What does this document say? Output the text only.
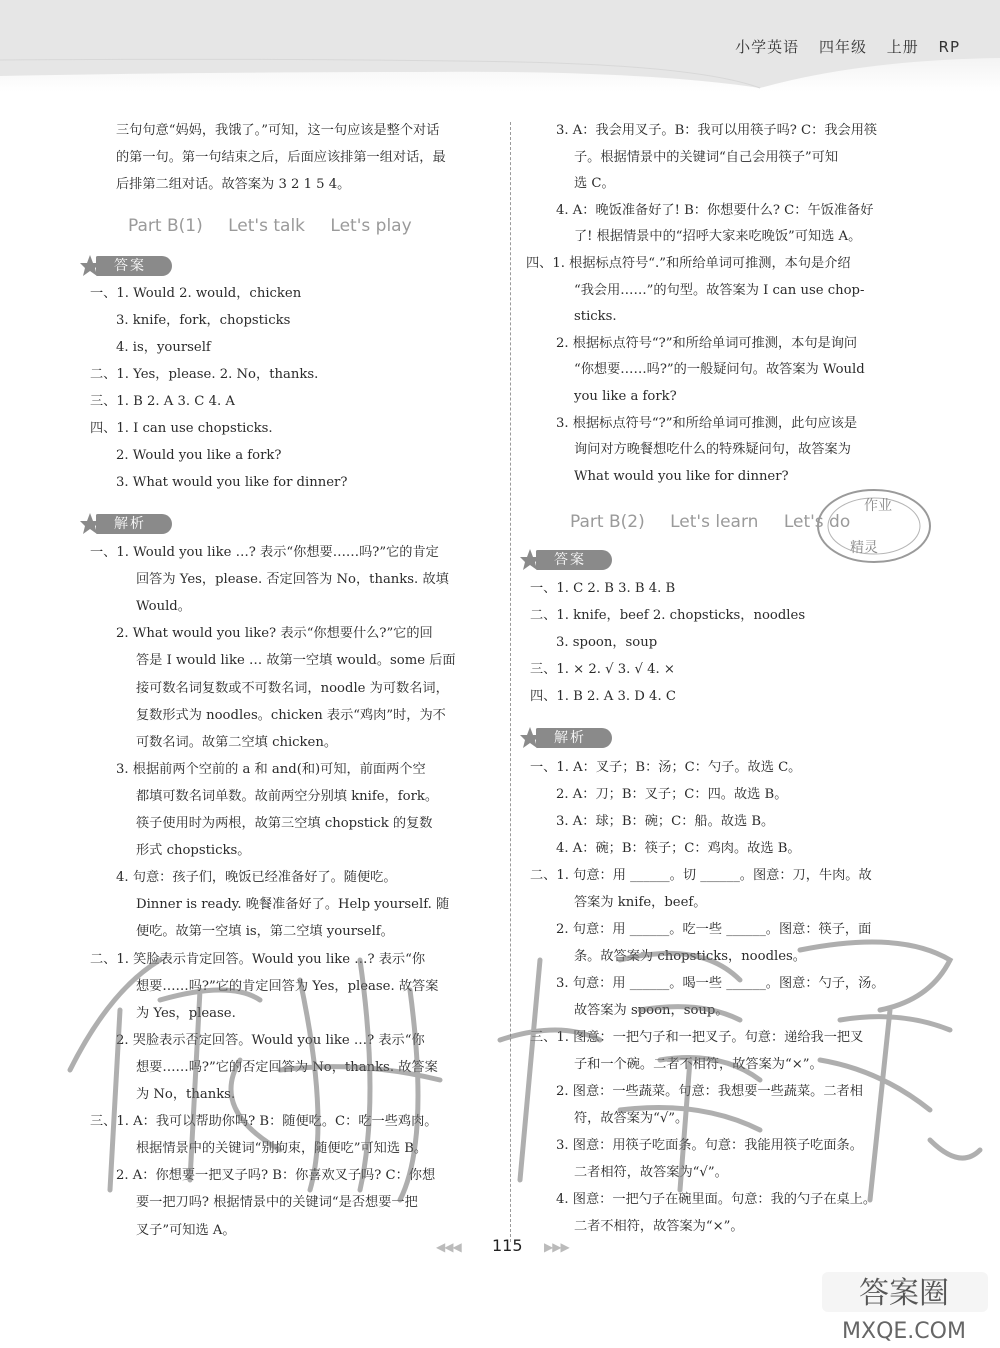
小学英语 四年级 上册 RP
三句句意“妈妈，我饿了。”可知，这一句应该是整个对话
的第一句。第一句结束之后，后面应该排第一组对话，最
后排第二组对话。故答案为 3 2 1 5 4。
Part B(1) Let's talk Let's play
答案
一、1. Would 2. would，chicken
3. knife，fork，chopsticks
4. is，yourself
二、1. Yes，please. 2. No，thanks.
三、1. B 2. A 3. C 4. A
四、1. I can use chopsticks.
2. Would you like a fork?
3. What would you like for dinner?
解析
一、1. Would you like …? 表示“你想要……吗?”它的肯定
回答为 Yes，please. 否定回答为 No，thanks. 故填
Would。
2. What would you like? 表示“你想要什么?”它的回
答是 I would like … 故第一空填 would。some 后面
接可数名词复数或不可数名词，noodle 为可数名词，
复数形式为 noodles。chicken 表示“鸡肉”时，为不
可数名词。故第二空填 chicken。
3. 根据前两个空前的 a 和 and(和)可知，前面两个空
都填可数名词单数。故前两空分别填 knife，fork。
筷子使用时为两根，故第三空填 chopstick 的复数
形式 chopsticks。
4. 句意：孩子们，晚饭已经准备好了。随便吃。
Dinner is ready. 晚餐准备好了。Help yourself. 随
便吃。故第一空填 is，第二空填 yourself。
二、1. 笑脸表示肯定回答。Would you like …? 表示“你
想要……吗?”它的肯定回答为 Yes，please. 故答案
为 Yes，please.
2. 哭脸表示否定回答。Would you like …? 表示“你
想要……吗?”它的否定回答为 No，thanks. 故答案
为 No，thanks.
三、1. A：我可以帮助你吗? B：随便吃。C：吃一些鸡肉。
根据情景中的关键词“别拘束，随便吃”可知选 B。
2. A：你想要一把叉子吗? B：你喜欢叉子吗? C：你想
要一把刀吗? 根据情景中的关键词“是否想要一把
叉子”可知选 A。
3. A：我会用叉子。B：我可以用筷子吗? C：我会用筷
子。根据情景中的关键词“自己会用筷子”可知
选 C。
4. A：晚饭准备好了! B：你想要什么? C：午饭准备好
了! 根据情景中的“招呼大家来吃晚饭”可知选 A。
四、1. 根据标点符号“.”和所给单词可推测，本句是介绍
“我会用……”的句型。故答案为 I can use chop-
sticks.
2. 根据标点符号“?”和所给单词可推测，本句是询问
“你想要……吗?”的一般疑问句。故答案为 Would
you like a fork?
3. 根据标点符号“?”和所给单词可推测，此句应该是
询问对方晚餐想吃什么的特殊疑问句，故答案为
What would you like for dinner?
Part B(2) Let's learn Let's do
作业
精灵
答案
一、1. C 2. B 3. B 4. B
二、1. knife，beef 2. chopsticks，noodles
3. spoon，soup
三、1. × 2. √ 3. √ 4. ×
四、1. B 2. A 3. D 4. C
解析
一、1. A：叉子；B：汤；C：勺子。故选 C。
2. A：刀；B：叉子；C：四。故选 B。
3. A：球；B：碗；C：船。故选 B。
4. A：碗；B：筷子；C：鸡肉。故选 B。
二、1. 句意：用 ______。切 ______。图意：刀，牛肉。故
答案为 knife，beef。
2. 句意：用 ______。吃一些 ______。图意：筷子，面
条。故答案为 chopsticks，noodles。
3. 句意：用 ______。喝一些 ______。图意：勺子，汤。
故答案为 spoon，soup。
三、1. 图意：一把勺子和一把叉子。句意：递给我一把叉
子和一个碗。二者不相符，故答案为“×”。
2. 图意：一些蔬菜。句意：我想要一些蔬菜。二者相
符，故答案为“√”。
3. 图意：用筷子吃面条。句意：我能用筷子吃面条。
二者相符，故答案为“√”。
4. 图意：一把勺子在碗里面。句意：我的勺子在桌上。
二者不相符，故答案为“×”。
◀◀◀ 115 ▶▶▶
答案圈
MXQE.COM
